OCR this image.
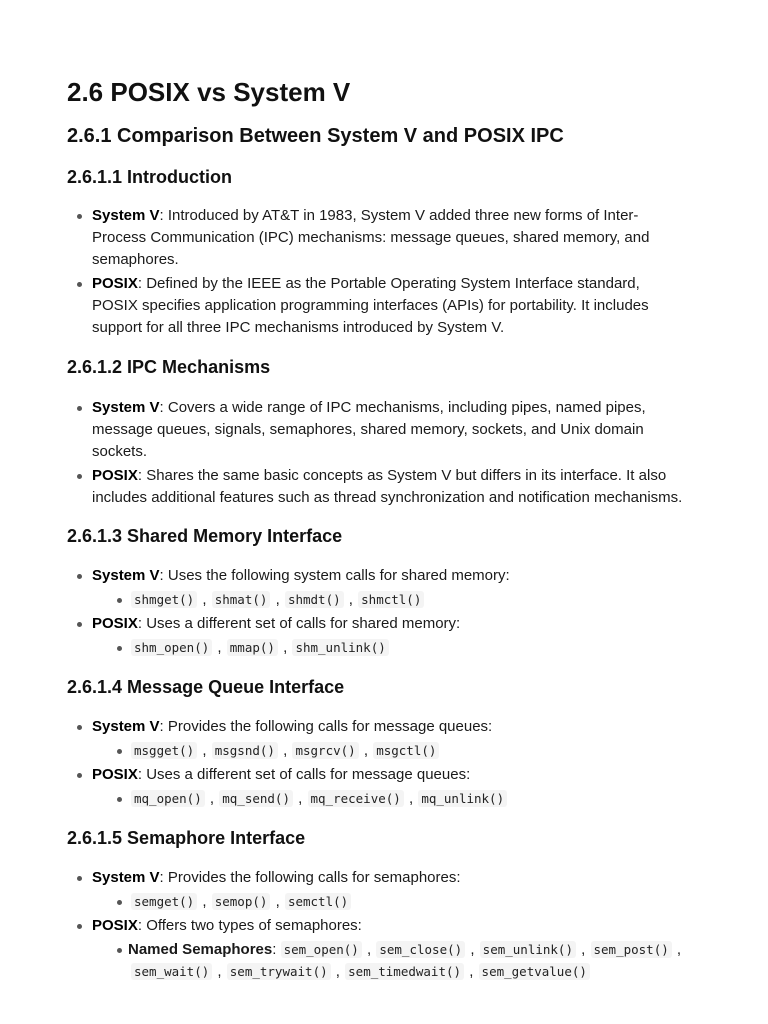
2.6 POSIX vs System V
2.6.1 Comparison Between System V and POSIX IPC
2.6.1.1 Introduction
System V: Introduced by AT&T in 1983, System V added three new forms of Inter-
Process Communication (IPC) mechanisms: message queues, shared memory, and
semaphores.
POSIX: Defined by the IEEE as the Portable Operating System Interface standard,
POSIX specifies application programming interfaces (APIs) for portability. It includes
support for all three IPC mechanisms introduced by System V.
2.6.1.2 IPC Mechanisms
System V: Covers a wide range of IPC mechanisms, including pipes, named pipes,
message queues, signals, semaphores, shared memory, sockets, and Unix domain
sockets.
POSIX: Shares the same basic concepts as System V but differs in its interface. It also
includes additional features such as thread synchronization and notification mechanisms.
2.6.1.3 Shared Memory Interface
System V: Uses the following system calls for shared memory:
shmget() , shmat() , shmdt() , shmctl()
POSIX: Uses a different set of calls for shared memory:
shm_open() , mmap() , shm_unlink()
2.6.1.4 Message Queue Interface
System V: Provides the following calls for message queues:
msgget() , msgsnd() , msgrcv() , msgctl()
POSIX: Uses a different set of calls for message queues:
mq_open() , mq_send() , mq_receive() , mq_unlink()
2.6.1.5 Semaphore Interface
System V: Provides the following calls for semaphores:
semget() , semop() , semctl()
POSIX: Offers two types of semaphores:
Named Semaphores: sem_open() , sem_close() , sem_unlink() , sem_post() ,
sem_wait() , sem_trywait() , sem_timedwait() , sem_getvalue()
